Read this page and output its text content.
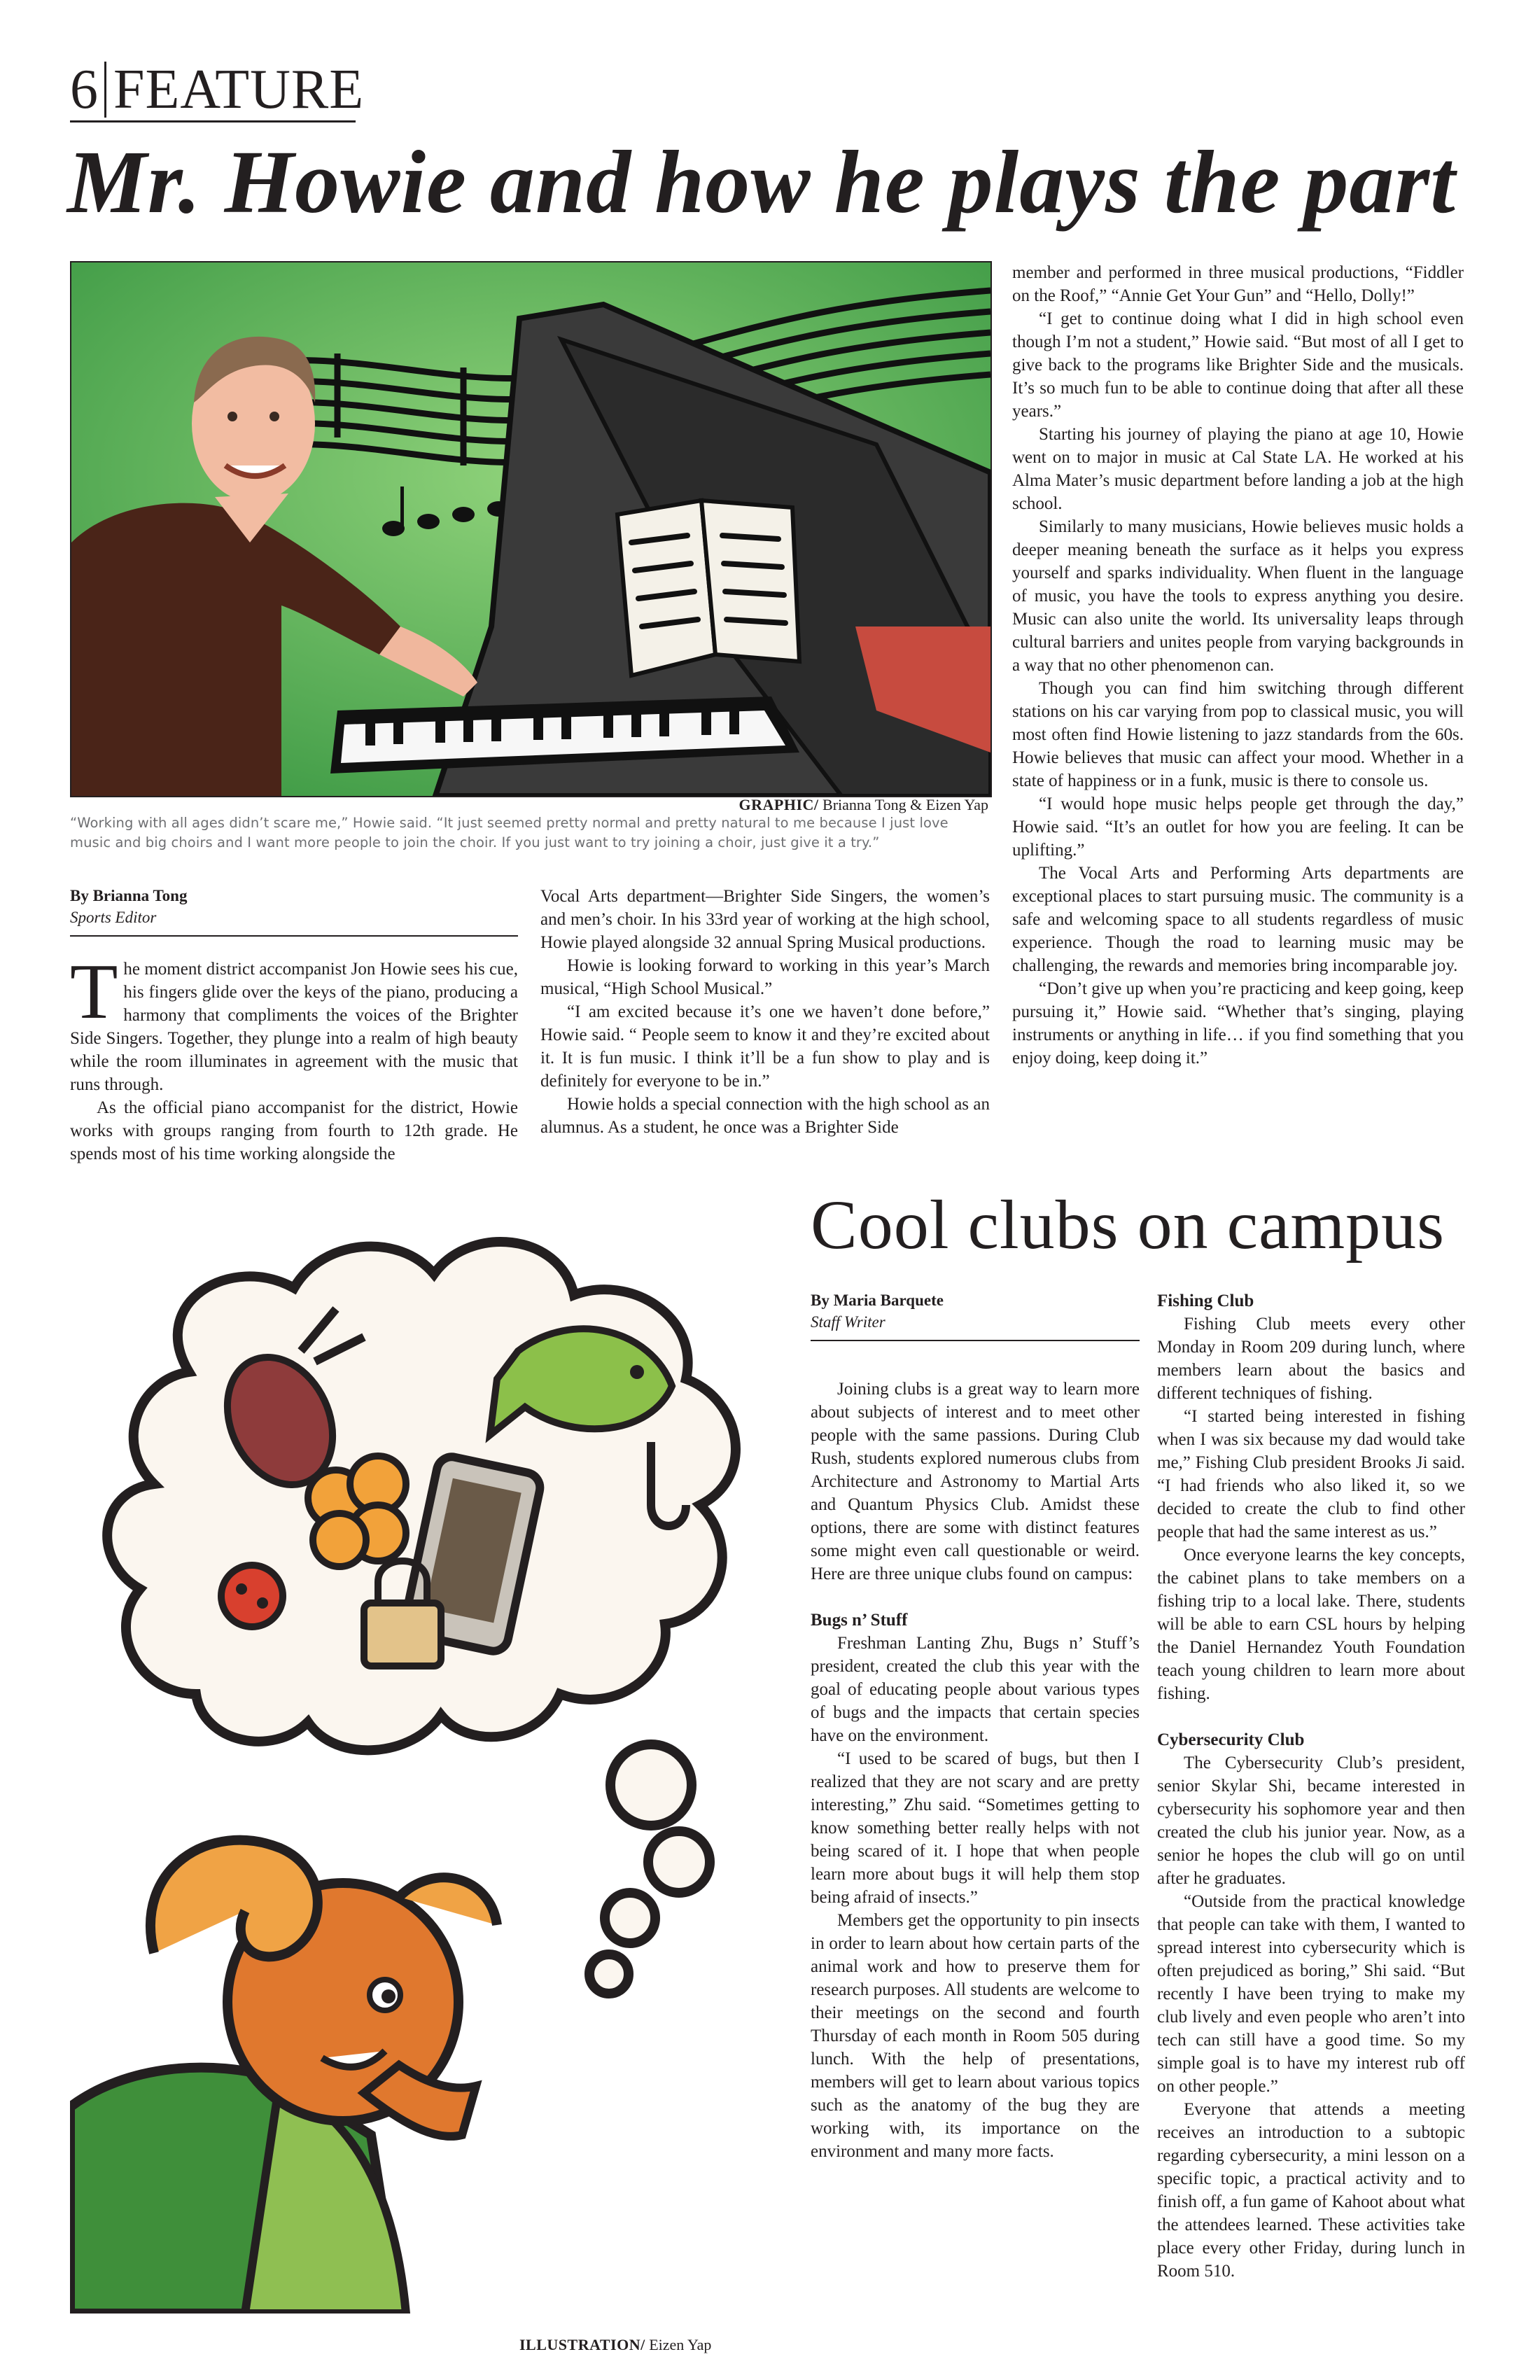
6 FEATURE
Mr. Howie and how he plays the part
GRAPHIC/ Brianna Tong & Eizen Yap
“Working with all ages didn’t scare me,” Howie said. “It just seemed pretty normal and pretty natural to me because I just love music and big choirs and I want more people to join the choir. If you just want to try joining a choir, just give it a try.”
By Brianna Tong
Sports Editor
T he moment district accompanist Jon Howie sees his cue, his fingers glide over the keys of the piano, producing a harmony that compliments the voices of the Brighter Side Singers. Together, they plunge into a realm of high beauty while the room illuminates in agreement with the music that runs through.

As the official piano accompanist for the district, Howie works with groups ranging from fourth to 12th grade. He spends most of his time working alongside the

Vocal Arts department—Brighter Side Singers, the women’s and men’s choir. In his 33rd year of working at the high school, Howie played alongside 32 annual Spring Musical productions.

Howie is looking forward to working in this year’s March musical, “High School Musical.”

“I am excited because it’s one we haven’t done before,” Howie said. “ People seem to know it and they’re excited about it. It is fun music. I think it’ll be a fun show to play and is definitely for everyone to be in.”

Howie holds a special connection with the high school as an alumnus. As a student, he once was a Brighter Side

member and performed in three musical productions, “Fiddler on the Roof,” “Annie Get Your Gun” and “Hello, Dolly!”

“I get to continue doing what I did in high school even though I’m not a student,” Howie said. “But most of all I get to give back to the programs like Brighter Side and the musicals. It’s so much fun to be able to continue doing that after all these years.”

Starting his journey of playing the piano at age 10, Howie went on to major in music at Cal State LA. He worked at his Alma Mater’s music department before landing a job at the high school.

Similarly to many musicians, Howie believes music holds a deeper meaning beneath the surface as it helps you express yourself and sparks individuality. When fluent in the language of music, you have the tools to express anything you desire. Music can also unite the world. Its universality leaps through cultural barriers and unites people from varying backgrounds in a way that no other phenomenon can.

Though you can find him switching through different stations on his car varying from pop to classical music, you will most often find Howie listening to jazz standards from the 60s. Howie believes that music can affect your mood. Whether in a state of happiness or in a funk, music is there to console us.

“I would hope music helps people get through the day,” Howie said. “It’s an outlet for how you are feeling. It can be uplifting.”

The Vocal Arts and Performing Arts departments are exceptional places to start pursuing music. The community is a safe and welcoming space to all students regardless of music experience. Though the road to learning music may be challenging, the rewards and memories bring incomparable joy.

“Don’t give up when you’re practicing and keep going, keep pursuing it,” Howie said. “Whether that’s singing, playing instruments or anything in life… if you find something that you enjoy doing, keep doing it.”

ILLUSTRATION/ Eizen Yap
Cool clubs on campus
By Maria Barquete
Staff Writer

Joining clubs is a great way to learn more about subjects of interest and to meet other people with the same passions. During Club Rush, students explored numerous clubs from Architecture and Astronomy to Martial Arts and Quantum Physics Club. Amidst these options, there are some with distinct features some might even call questionable or weird. Here are three unique clubs found on campus:

Bugs n’ Stuff

Freshman Lanting Zhu, Bugs n’ Stuff’s president, created the club this year with the goal of educating people about various types of bugs and the impacts that certain species have on the environment.

“I used to be scared of bugs, but then I realized that they are not scary and are pretty interesting,” Zhu said. “Sometimes getting to know something better really helps with not being scared of it. I hope that when people learn more about bugs it will help them stop being afraid of insects.”

Members get the opportunity to pin insects in order to learn about how certain parts of the animal work and how to preserve them for research purposes. All students are welcome to their meetings on the second and fourth Thursday of each month in Room 505 during lunch. With the help of presentations, members will get to learn about various topics such as the anatomy of the bug they are working with, its importance on the environment and many more facts.

Fishing Club

Fishing Club meets every other Monday in Room 209 during lunch, where members learn about the basics and different techniques of fishing.

“I started being interested in fishing when I was six because my dad would take me,” Fishing Club president Brooks Ji said. “I had friends who also liked it, so we decided to create the club to find other people that had the same interest as us.”

Once everyone learns the key concepts, the cabinet plans to take members on a fishing trip to a local lake. There, students will be able to earn CSL hours by helping the Daniel Hernandez Youth Foundation teach young children to learn more about fishing.

Cybersecurity Club

The Cybersecurity Club’s president, senior Skylar Shi, became interested in cybersecurity his sophomore year and then created the club his junior year. Now, as a senior he hopes the club will go on until after he graduates.

“Outside from the practical knowledge that people can take with them, I wanted to spread interest into cybersecurity which is often prejudiced as boring,” Shi said. “But recently I have been trying to make my club lively and even people who aren’t into tech can still have a good time. So my simple goal is to have my interest rub off on other people.”

Everyone that attends a meeting receives an introduction to a subtopic regarding cybersecurity, a mini lesson on a specific topic, a practical activity and to finish off, a fun game of Kahoot about what the attendees learned. These activities take place every other Friday, during lunch in Room 510.
